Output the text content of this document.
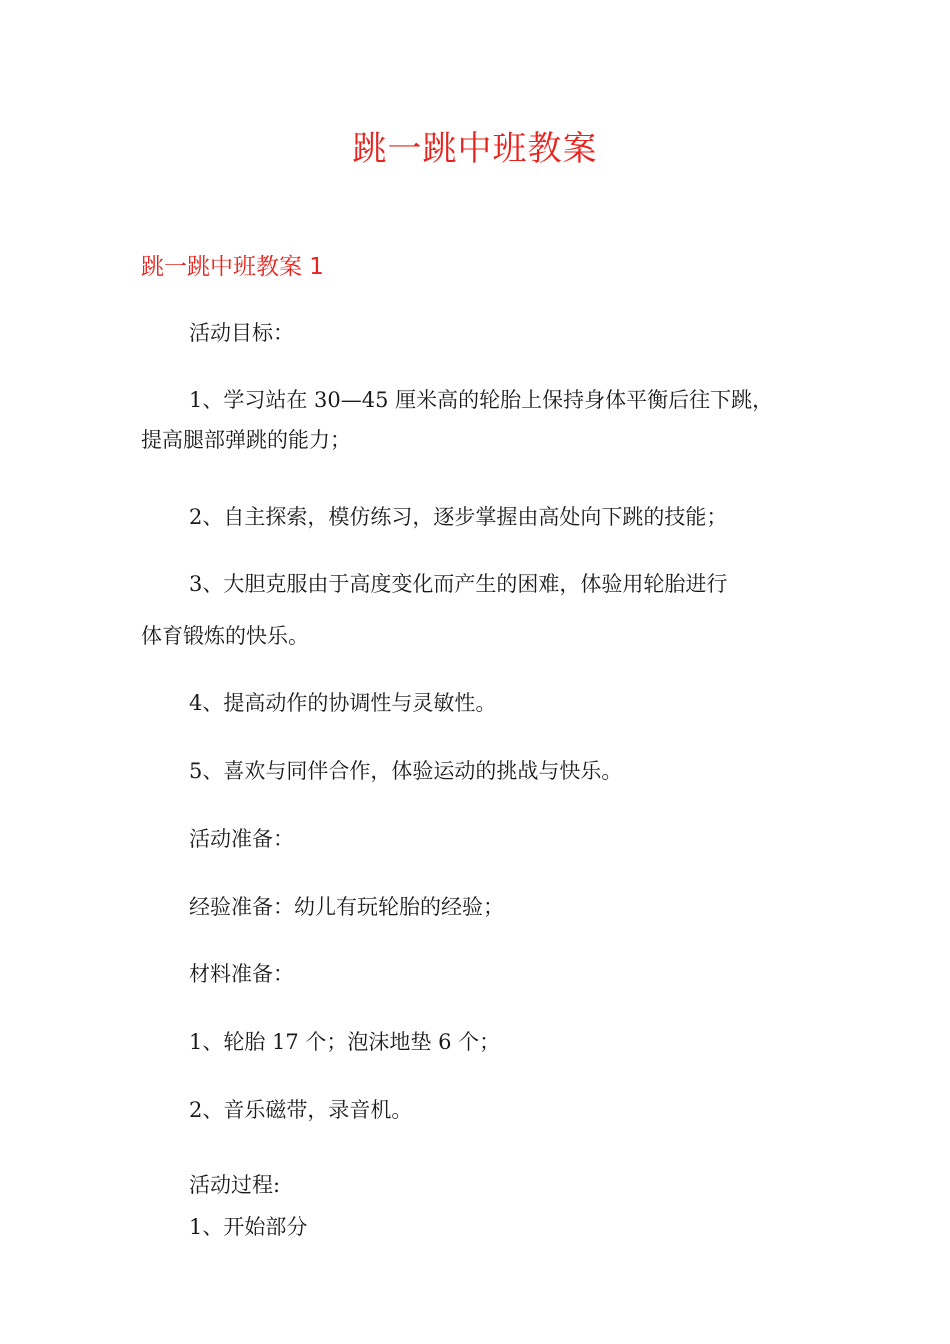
跳一跳中班教案
跳一跳中班教案 1
活动目标：
1、学习站在 30—45 厘米高的轮胎上保持身体平衡后往下跳，
提高腿部弹跳的能力；
2、自主探索，模仿练习，逐步掌握由高处向下跳的技能；
3、大胆克服由于高度变化而产生的困难，体验用轮胎进行
体育锻炼的快乐。
4、提高动作的协调性与灵敏性。
5、喜欢与同伴合作，体验运动的挑战与快乐。
活动准备：
经验准备：幼儿有玩轮胎的经验；
材料准备：
1、轮胎 17 个；泡沫地垫 6 个；
2、音乐磁带，录音机。
活动过程:
1、开始部分
